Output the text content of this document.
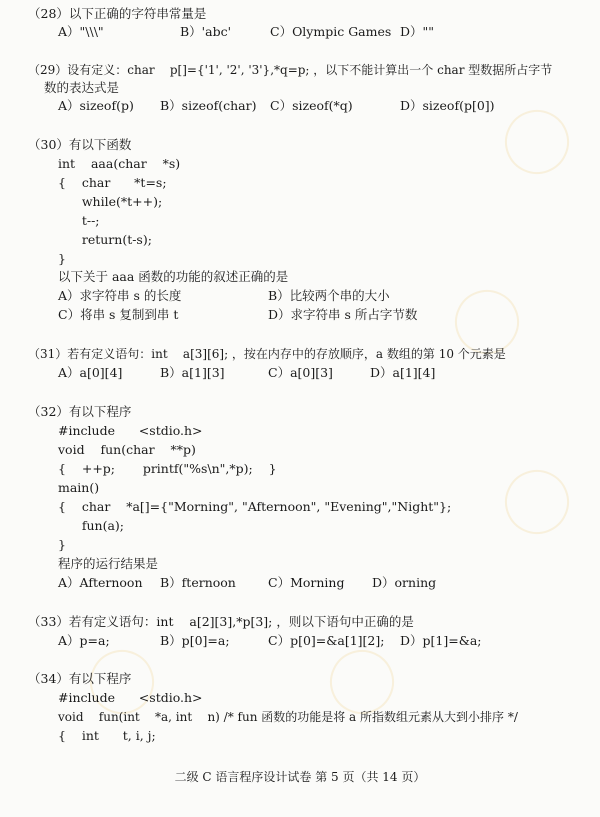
（28）以下正确的字符串常量是
A）"\\\"	B）'abc'	C）Olympic Games D）""
（29）设有定义：char    p[]={'1', '2', '3'},*q=p; ，以下不能计算出一个 char 型数据所占字节
数的表达式是
A）sizeof(p) B）sizeof(char) C）sizeof(*q)	D）sizeof(p[0])
（30）有以下函数
int    aaa(char    *s)
{    char      *t=s;
while(*t++);
t--;
return(t-s);
}
以下关于 aaa 函数的功能的叙述正确的是
A）求字符串 s 的长度	B）比较两个串的大小
C）将串 s 复制到串 t	D）求字符串 s 所占字节数
（31）若有定义语句：int    a[3][6]; ，按在内存中的存放顺序，a 数组的第 10 个元素是
A）a[0][4]	B）a[1][3]	C）a[0][3]	D）a[1][4]
（32）有以下程序
#include      <stdio.h>
void    fun(char    **p)
{    ++p;       printf("%s\n",*p);    }
main()
{    char    *a[]={"Morning", "Afternoon", "Evening","Night"};
fun(a);
}
程序的运行结果是
A）Afternoon B）fternoon	C）Morning D）orning
（33）若有定义语句：int    a[2][3],*p[3]; ，则以下语句中正确的是
A）p=a;	B）p[0]=a;	C）p[0]=&a[1][2]; D）p[1]=&a;
（34）有以下程序
#include      <stdio.h>
void    fun(int    *a, int    n) /* fun 函数的功能是将 a 所指数组元素从大到小排序 */
{    int      t, i, j;
二级 C 语言程序设计试卷 第 5 页（共 14 页）
